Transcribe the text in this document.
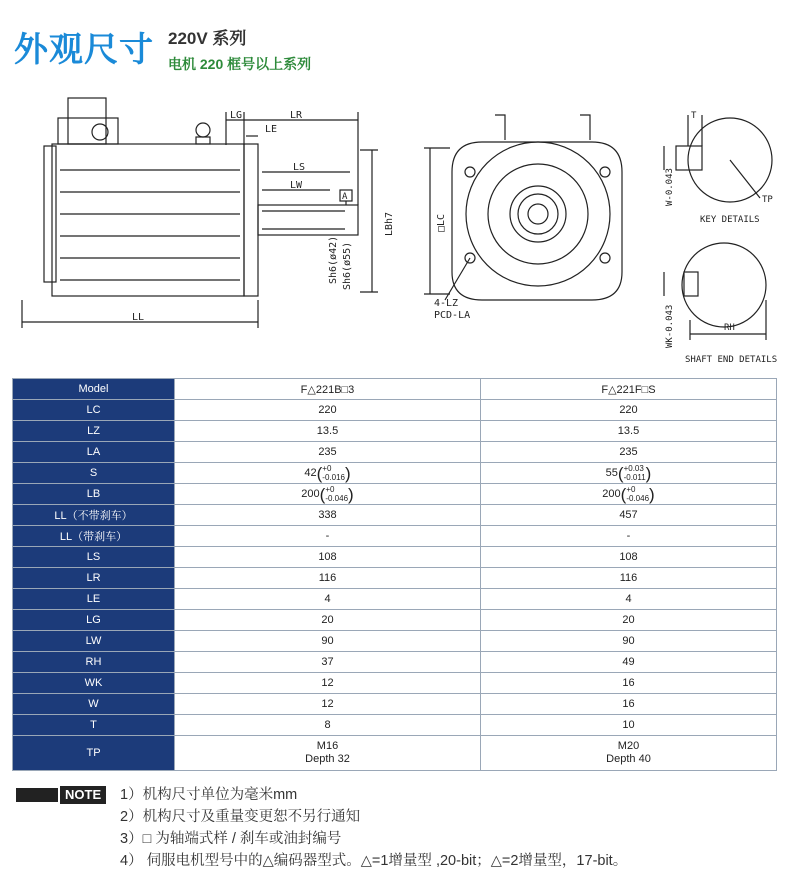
外观尺寸 220V 系列
电机 220 框号以上系列
LG	LR
LE
LS
LW
A
LL
Sh6(ø42) Sh6(ø55)
LBh7	□LC
4-LZ
PCD-LA
T
W-0.043	TP
KEY DETAILS
WK-0.043	RH
SHAFT END DETAILS
Model	F△221B□3	F△221F□S
LC	220	220
LZ	13.5	13.5
LA	235	235
S	42 ( +0
-0.016 )	55 ( +0.03
-0.011 )

LB	200 ( +0
-0.046 )	200 ( +0
-0.046 )

LL（不带刹车）	338	457
LL（带刹车）	-	-
LS	108	108
LR	116	116
LE	4	4
LG	20	20
LW	90	90
RH	37	49
WK	12	16
W	12	16
T	8	10
TP	M16
Depth 32	M20
Depth 40
NOTE	1）机构尺寸单位为毫米mm
2）机构尺寸及重量变更恕不另行通知
3）□ 为轴端式样 / 刹车或油封编号
4） 伺服电机型号中的△编码器型式。△=1增量型 ,20-bit；△=2增量型，17-bit。
